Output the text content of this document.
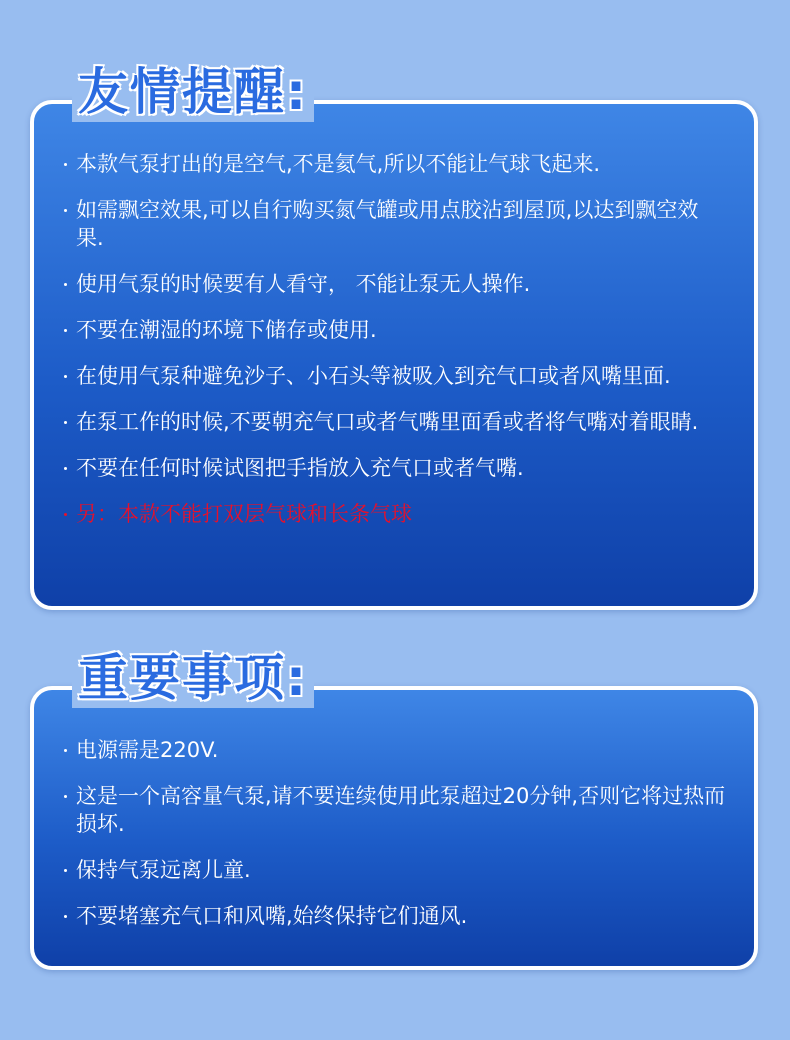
友情提醒:
本款气泵打出的是空气,不是氦气,所以不能让气球飞起来.
如需飘空效果,可以自行购买氮气罐或用点胶沾到屋顶,以达到飘空效果.
使用气泵的时候要有人看守， 不能让泵无人操作.
不要在潮湿的环境下储存或使用.
在使用气泵种避免沙子、小石头等被吸入到充气口或者风嘴里面.
在泵工作的时候,不要朝充气口或者气嘴里面看或者将气嘴对着眼睛.
不要在任何时候试图把手指放入充气口或者气嘴.
另：本款不能打双层气球和长条气球
重要事项:
电源需是220V.
这是一个高容量气泵,请不要连续使用此泵超过20分钟,否则它将过热而损坏.
保持气泵远离儿童.
不要堵塞充气口和风嘴,始终保持它们通风.
